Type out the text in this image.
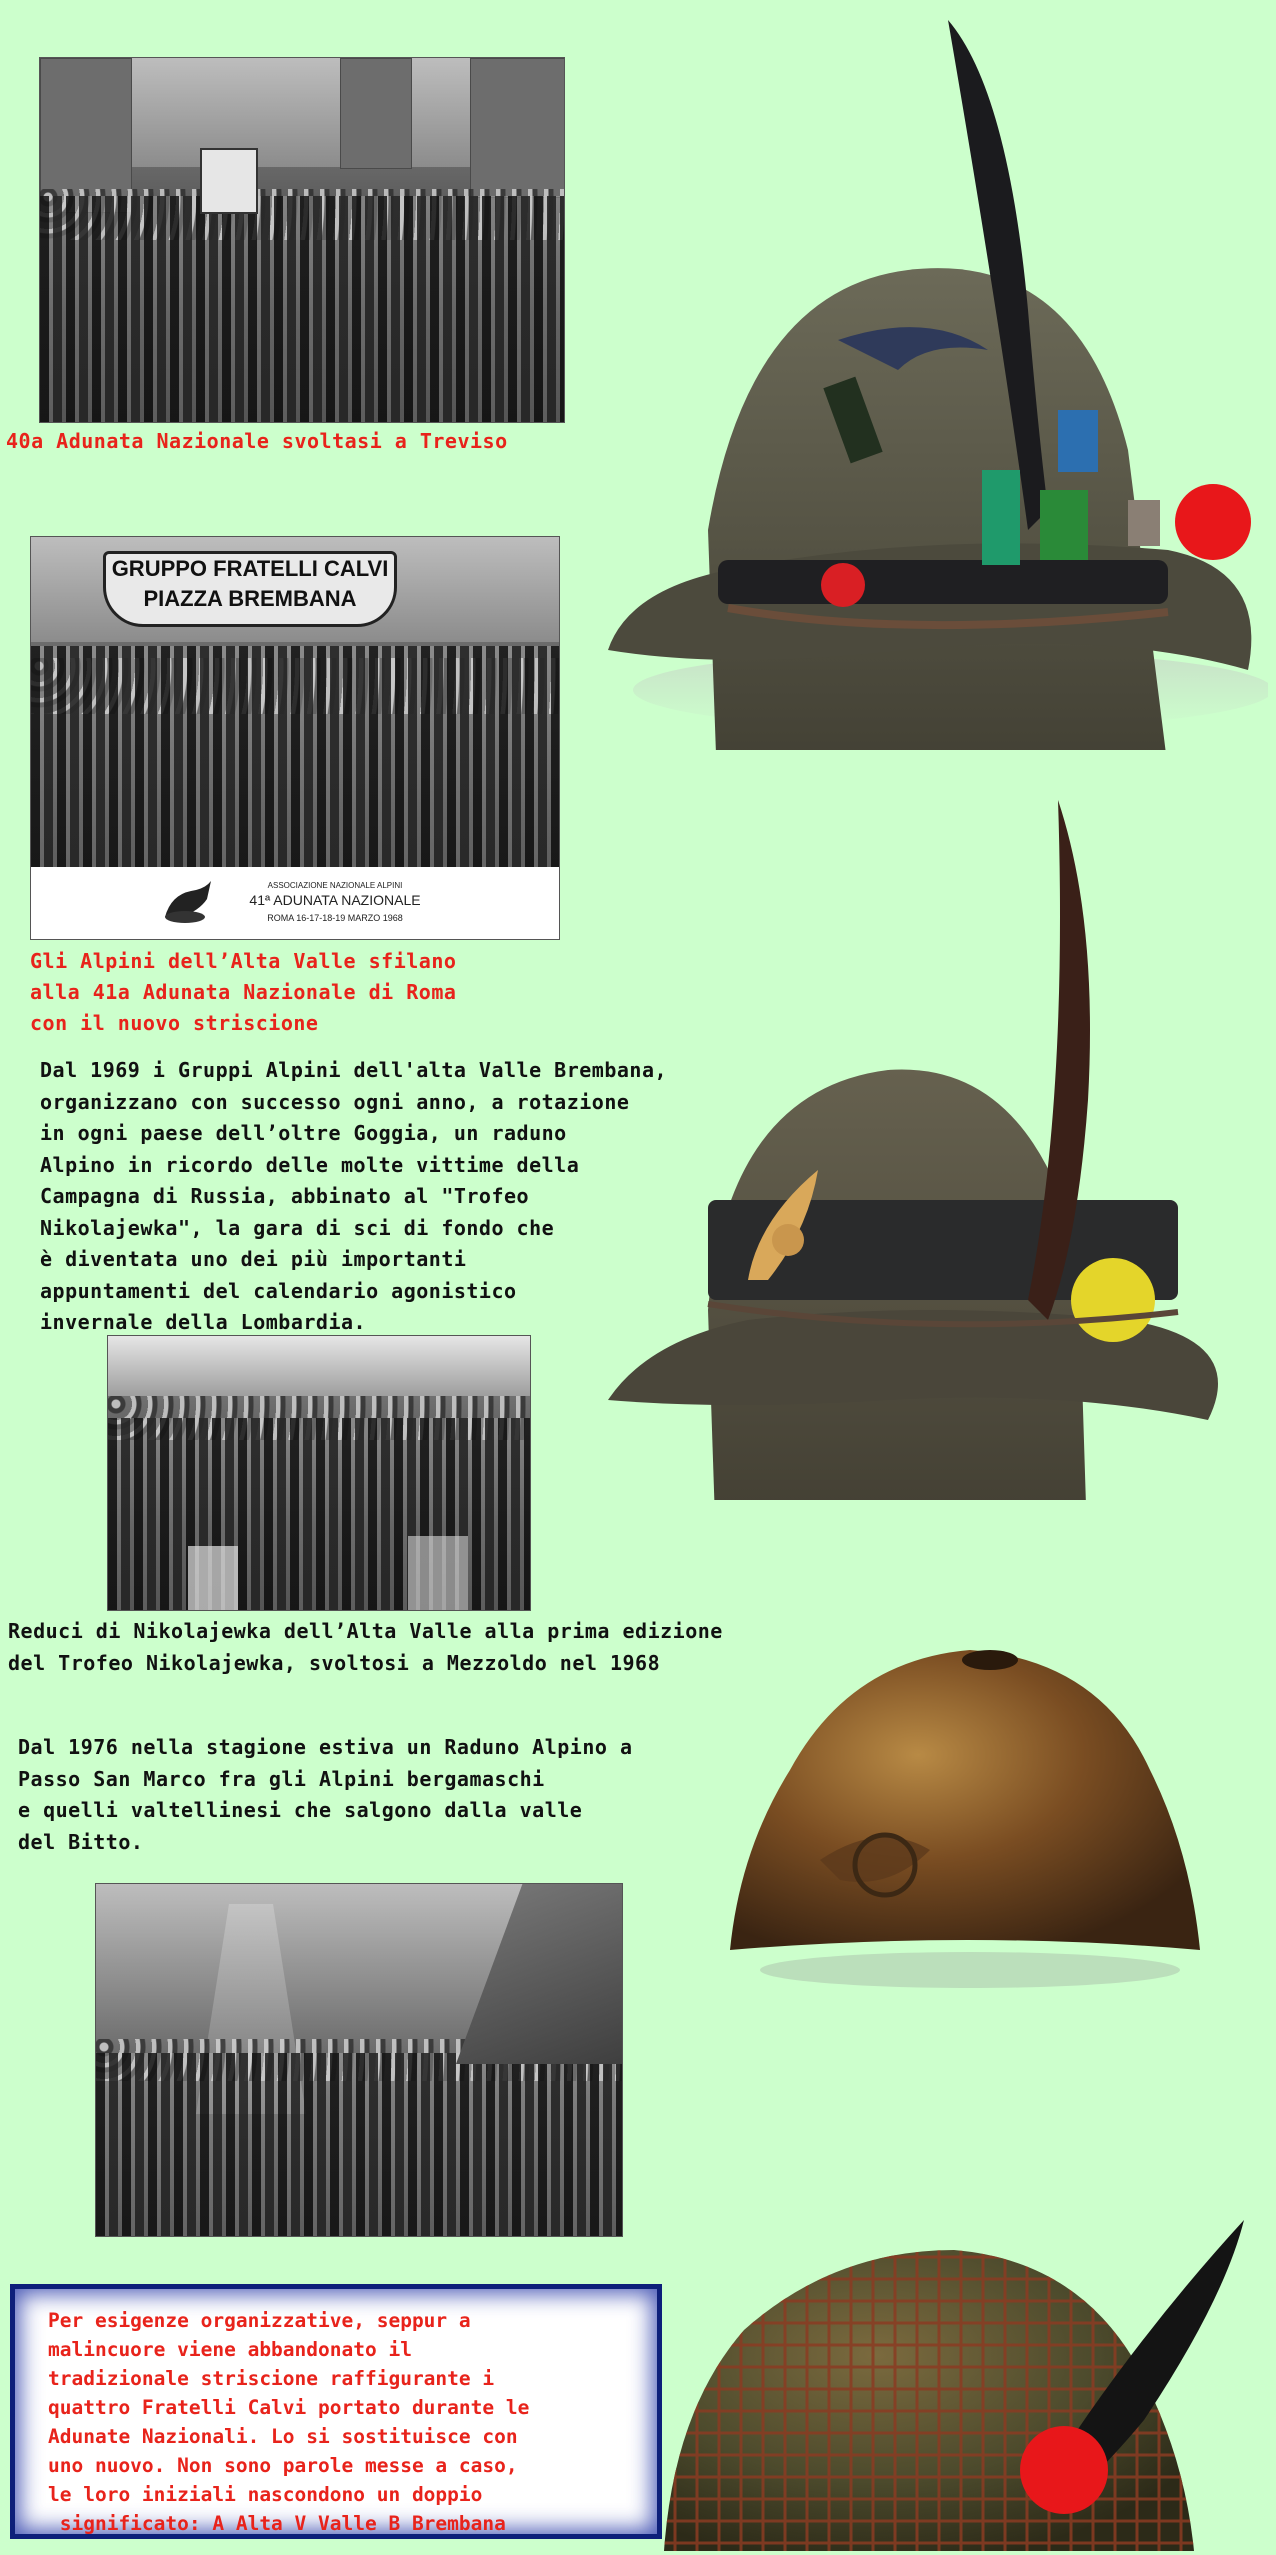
40a Adunata Nazionale svoltasi a Treviso
GRUPPO FRATELLI CALVI
PIAZZA BREMBANA
ASSOCIAZIONE NAZIONALE ALPINI
41ª ADUNATA NAZIONALE
ROMA 16-17-18-19 MARZO 1968
Gli Alpini dell’Alta Valle sfilano
alla 41a Adunata Nazionale di Roma
con il nuovo striscione
Dal 1969 i Gruppi Alpini dell'alta Valle Brembana,
organizzano con successo ogni anno, a rotazione
in ogni paese dell’oltre Goggia, un raduno
Alpino in ricordo delle molte vittime della
Campagna di Russia, abbinato al "Trofeo
Nikolajewka", la gara di sci di fondo che
è diventata uno dei più importanti
appuntamenti del calendario agonistico
invernale della Lombardia.
Reduci di Nikolajewka dell’Alta Valle alla prima edizione
del Trofeo Nikolajewka, svoltosi a Mezzoldo nel 1968
Dal 1976 nella stagione estiva un Raduno Alpino a
Passo San Marco fra gli Alpini bergamaschi
e quelli valtellinesi che salgono dalla valle
del Bitto.
Per esigenze organizzative, seppur a
malincuore viene abbandonato il
tradizionale striscione raffigurante i
quattro Fratelli Calvi portato durante le
Adunate Nazionali. Lo si sostituisce con
uno nuovo. Non sono parole messe a caso,
le loro iniziali nascondono un doppio
significato: A Alta V Valle B Brembana
